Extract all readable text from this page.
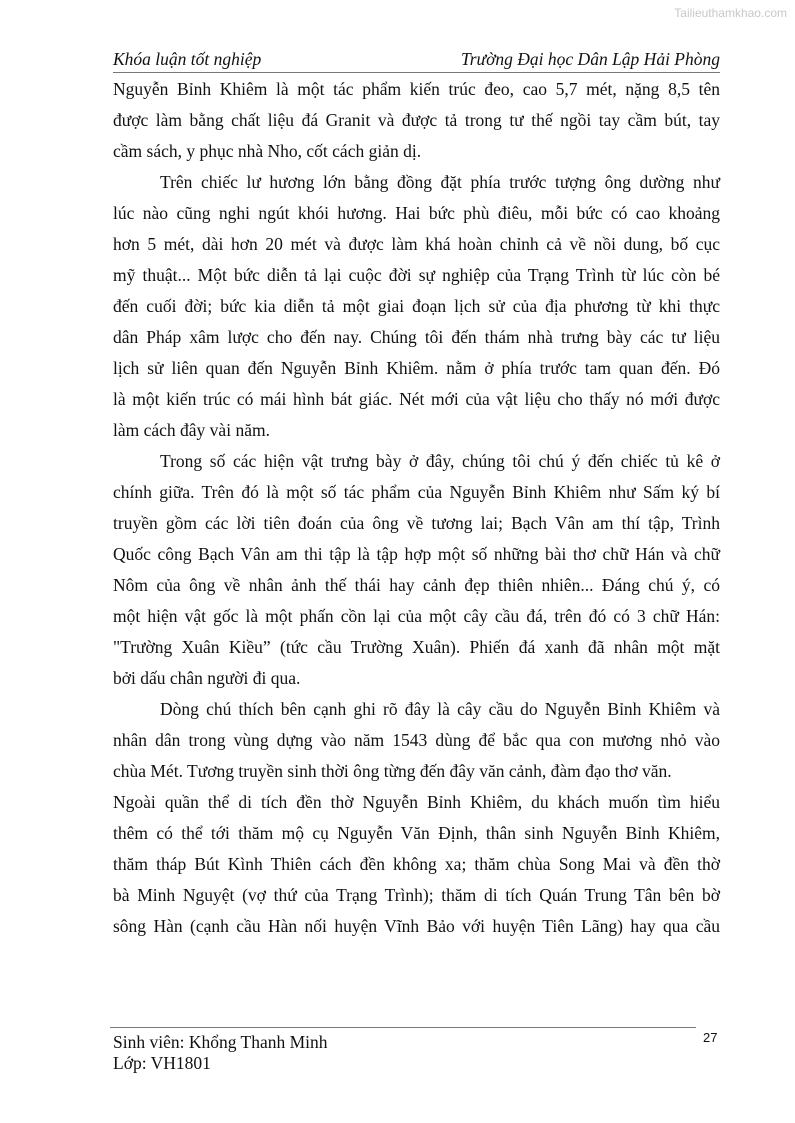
Tailieuthamkhao.com
Khóa luận tốt nghiệp	Trường Đại học Dân Lập Hải Phòng

Nguyễn Bỉnh Khiêm là một tác phẩm kiến trúc đeo, cao 5,7 mét, nặng 8,5 tên
được làm bằng chất liệu đá Granit và được tả trong tư thế ngồi tay cầm bút, tay
cầm sách, y phục nhà Nho, cốt cách giản dị.

Trên chiếc lư hương lớn bằng đồng đặt phía trước tượng ông dường như
lúc nào cũng nghi ngút khói hương. Hai bức phù điêu, mỗi bức có cao khoảng
hơn 5 mét, dài hơn 20 mét và được làm khá hoàn chỉnh cả về nồi dung, bố cục
mỹ thuật... Một bức diễn tả lại cuộc đời sự nghiệp của Trạng Trình từ lúc còn bé
đến cuối đời; bức kia diễn tả một giai đoạn lịch sử của địa phương từ khi thực
dân Pháp xâm lược cho đến nay. Chúng tôi đến thám nhà trưng bày các tư liệu
lịch sử liên quan đến Nguyễn Bỉnh Khiêm. nằm ở phía trước tam quan đến. Đó
là một kiến trúc có mái hình bát giác. Nét mới của vật liệu cho thấy nó mới được
làm cách đây vài năm.

Trong số các hiện vật trưng bày ở đây, chúng tôi chú ý đến chiếc tủ kê ở
chính giữa. Trên đó là một số tác phẩm của Nguyễn Bỉnh Khiêm như Sấm ký bí
truyền gồm các lời tiên đoán của ông về tương lai; Bạch Vân am thí tập, Trình
Quốc công Bạch Vân am thi tập là tập hợp một số những bài thơ chữ Hán và chữ
Nôm của ông về nhân ảnh thế thái hay cảnh đẹp thiên nhiên... Đáng chú ý, có
một hiện vật gốc là một phấn cồn lại của một cây cầu đá, trên đó có 3 chữ Hán:
"Trường Xuân Kiều” (tức cầu Trường Xuân). Phiến đá xanh đã nhân một mặt
bởi dấu chân người đi qua.

Dòng chú thích bên cạnh ghi rõ đây là cây cầu do Nguyễn Bỉnh Khiêm và
nhân dân trong vùng dựng vào năm 1543 dùng để bắc qua con mương nhỏ vào
chùa Mét. Tương truyền sinh thời ông từng đến đây văn cảnh, đàm đạo thơ văn.

Ngoài quần thể di tích đền thờ Nguyễn Bỉnh Khiêm, du khách muốn tìm hiểu
thêm có thể tới thăm mộ cụ Nguyễn Văn Định, thân sinh Nguyễn Bỉnh Khiêm,
thăm tháp Bút Kình Thiên cách đền không xa; thăm chùa Song Mai và đền thờ
bà Minh Nguyệt (vợ thứ của Trạng Trình); thăm di tích Quán Trung Tân bên bờ
sông Hàn (cạnh cầu Hàn nối huyện Vĩnh Bảo với huyện Tiên Lãng) hay qua cầu

Sinh viên: Khổng Thanh Minh
Lớp: VH1801
27
